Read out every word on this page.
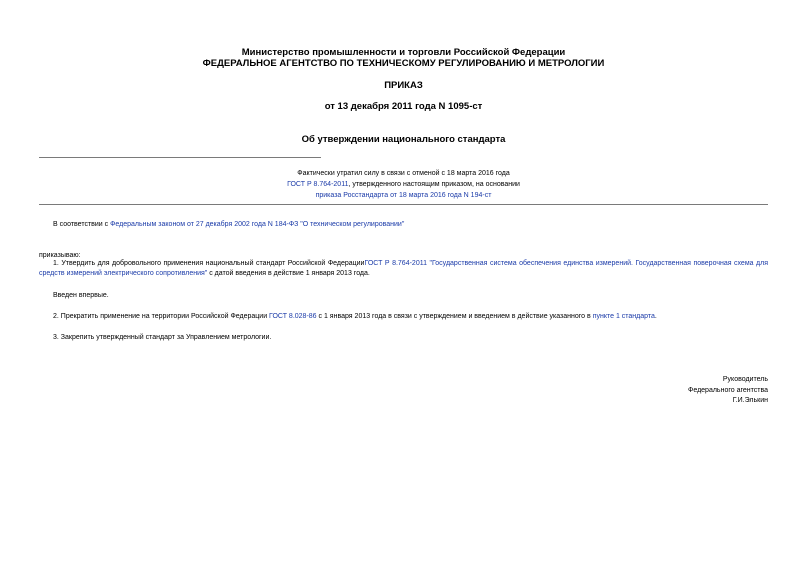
Министерство промышленности и торговли Российской Федерации
ФЕДЕРАЛЬНОЕ АГЕНТСТВО ПО ТЕХНИЧЕСКОМУ РЕГУЛИРОВАНИЮ И МЕТРОЛОГИИ
ПРИКАЗ
от 13 декабря 2011 года N 1095-ст
Об утверждении национального стандарта
Фактически утратил силу в связи с отменой с 18 марта 2016 года
ГОСТ Р 8.764-2011, утвержденного настоящим приказом, на основании
приказа Росстандарта от 18 марта 2016 года N 194-ст
В соответствии с Федеральным законом от 27 декабря 2002 года N 184-ФЗ "О техническом регулировании"
приказываю:
1. Утвердить для добровольного применения национальный стандарт Российской ФедерацииГОСТ Р 8.764-2011 "Государственная система обеспечения единства измерений. Государственная поверочная схема для средств измерений электрического сопротивления" с датой введения в действие 1 января 2013 года.
Введен впервые.
2. Прекратить применение на территории Российской Федерации ГОСТ 8.028-86 с 1 января 2013 года в связи с утверждением и введением в действие указанного в пункте 1 стандарта.
3. Закрепить утвержденный стандарт за Управлением метрологии.
Руководитель
Федерального агентства
Г.И.Элькин
